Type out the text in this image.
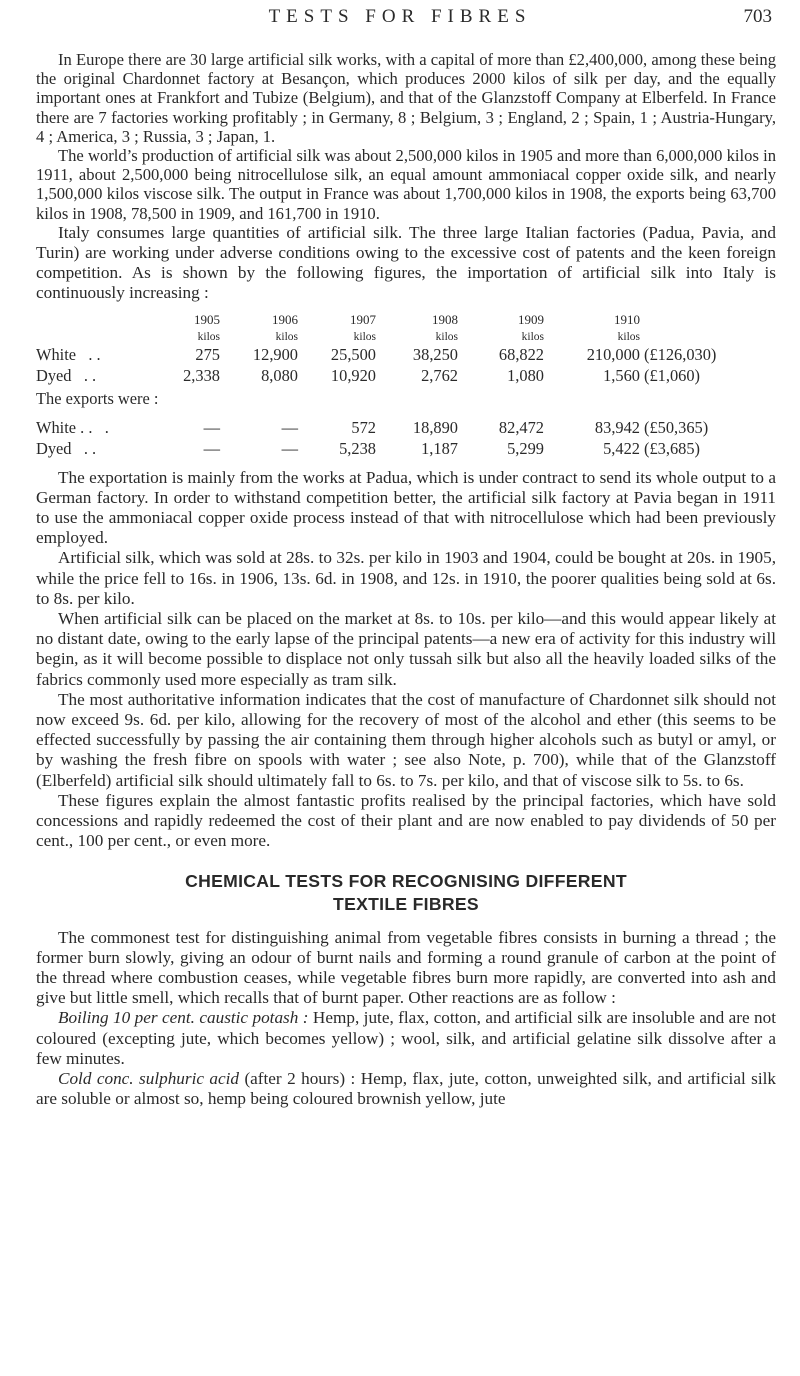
TESTS FOR FIBRES	703

In Europe there are 30 large artificial silk works, with a capital of more than £2,400,000, among these being the original Chardonnet factory at Besançon, which produces 2000 kilos of silk per day, and the equally important ones at Frankfort and Tubize (Belgium), and that of the Glanzstoff Company at Elberfeld. In France there are 7 factories working profitably ; in Germany, 8 ; Belgium, 3 ; England, 2 ; Spain, 1 ; Austria-Hungary, 4 ; America, 3 ; Russia, 3 ; Japan, 1.

The world’s production of artificial silk was about 2,500,000 kilos in 1905 and more than 6,000,000 kilos in 1911, about 2,500,000 being nitrocellulose silk, an equal amount ammoniacal copper oxide silk, and nearly 1,500,000 kilos viscose silk. The output in France was about 1,700,000 kilos in 1908, the exports being 63,700 kilos in 1908, 78,500 in 1909, and 161,700 in 1910.

Italy consumes large quantities of artificial silk. The three large Italian factories (Padua, Pavia, and Turin) are working under adverse conditions owing to the excessive cost of patents and the keen foreign competition. As is shown by the following figures, the importation of artificial silk into Italy is continuously increasing :

	1905	1906	1907	1908	1909	1910	
	kilos	kilos	kilos	kilos	kilos	kilos	
White . .	275	12,900	25,500	38,250	68,822	210,000	(£126,030)
Dyed . .	2,338	8,080	10,920	2,762	1,080	1,560	(£1,060)
The exports were :							

White . . .	—	—	572	18,890	82,472	83,942	(£50,365)
Dyed . .	—	—	5,238	1,187	5,299	5,422	(£3,685)

The exportation is mainly from the works at Padua, which is under contract to send its whole output to a German factory. In order to withstand competition better, the artificial silk factory at Pavia began in 1911 to use the ammoniacal copper oxide process instead of that with nitrocellulose which had been previously employed.

Artificial silk, which was sold at 28s. to 32s. per kilo in 1903 and 1904, could be bought at 20s. in 1905, while the price fell to 16s. in 1906, 13s. 6d. in 1908, and 12s. in 1910, the poorer qualities being sold at 6s. to 8s. per kilo.

When artificial silk can be placed on the market at 8s. to 10s. per kilo—and this would appear likely at no distant date, owing to the early lapse of the principal patents—a new era of activity for this industry will begin, as it will become possible to displace not only tussah silk but also all the heavily loaded silks of the fabrics commonly used more especially as tram silk.

The most authoritative information indicates that the cost of manufacture of Chardonnet silk should not now exceed 9s. 6d. per kilo, allowing for the recovery of most of the alcohol and ether (this seems to be effected successfully by passing the air containing them through higher alcohols such as butyl or amyl, or by washing the fresh fibre on spools with water ; see also Note, p. 700), while that of the Glanzstoff (Elberfeld) artificial silk should ultimately fall to 6s. to 7s. per kilo, and that of viscose silk to 5s. to 6s.

These figures explain the almost fantastic profits realised by the principal factories, which have sold concessions and rapidly redeemed the cost of their plant and are now enabled to pay dividends of 50 per cent., 100 per cent., or even more.

CHEMICAL TESTS FOR RECOGNISING DIFFERENT
TEXTILE FIBRES

The commonest test for distinguishing animal from vegetable fibres consists in burning a thread ; the former burn slowly, giving an odour of burnt nails and forming a round granule of carbon at the point of the thread where combustion ceases, while vegetable fibres burn more rapidly, are converted into ash and give but little smell, which recalls that of burnt paper. Other reactions are as follow :

Boiling 10 per cent. caustic potash : Hemp, jute, flax, cotton, and artificial silk are insoluble and are not coloured (excepting jute, which becomes yellow) ; wool, silk, and artificial gelatine silk dissolve after a few minutes.

Cold conc. sulphuric acid (after 2 hours) : Hemp, flax, jute, cotton, unweighted silk, and artificial silk are soluble or almost so, hemp being coloured brownish yellow, jute
